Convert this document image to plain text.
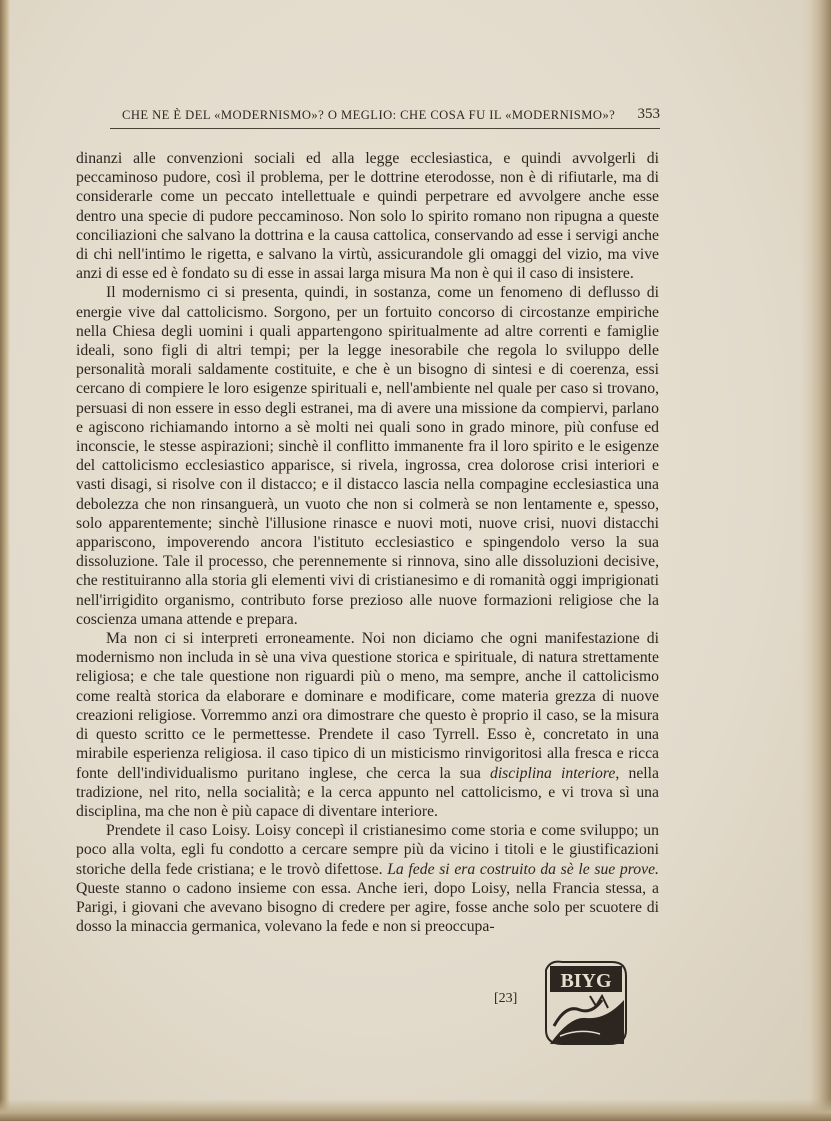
CHE NE È DEL «MODERNISMO»? O MEGLIO: CHE COSA FU IL «MODERNISMO»? 353

dinanzi alle convenzioni sociali ed alla legge ecclesiastica, e quindi avvolgerli di peccaminoso pudore, così il problema, per le dottrine eterodosse, non è di rifiutarle, ma di considerarle come un peccato intellettuale e quindi perpetrare ed avvolgere anche esse dentro una specie di pudore peccaminoso. Non solo lo spirito romano non ripugna a queste conciliazioni che salvano la dottrina e la causa cattolica, conservando ad esse i servigi anche di chi nell'intimo le rigetta, e salvano la virtù, assicurandole gli omaggi del vizio, ma vive anzi di esse ed è fondato su di esse in assai larga misura Ma non è qui il caso di insistere.

Il modernismo ci si presenta, quindi, in sostanza, come un fenomeno di deflusso di energie vive dal cattolicismo. Sorgono, per un fortuito concorso di circostanze empiriche nella Chiesa degli uomini i quali appartengono spiritualmente ad altre correnti e famiglie ideali, sono figli di altri tempi; per la legge inesorabile che regola lo sviluppo delle personalità morali saldamente costituite, e che è un bisogno di sintesi e di coerenza, essi cercano di compiere le loro esigenze spirituali e, nell'ambiente nel quale per caso si trovano, persuasi di non essere in esso degli estranei, ma di avere una missione da compiervi, parlano e agiscono richiamando intorno a sè molti nei quali sono in grado minore, più confuse ed inconscie, le stesse aspirazioni; sinchè il conflitto immanente fra il loro spirito e le esigenze del cattolicismo ecclesiastico apparisce, si rivela, ingrossa, crea dolorose crisi interiori e vasti disagi, si risolve con il distacco; e il distacco lascia nella compagine ecclesiastica una debolezza che non rinsanguerà, un vuoto che non si colmerà se non lentamente e, spesso, solo apparentemente; sinchè l'illusione rinasce e nuovi moti, nuove crisi, nuovi distacchi appariscono, impoverendo ancora l'istituto ecclesiastico e spingendolo verso la sua dissoluzione. Tale il processo, che perennemente si rinnova, sino alle dissoluzioni decisive, che restituiranno alla storia gli elementi vivi di cristianesimo e di romanità oggi imprigionati nell'irrigidito organismo, contributo forse prezioso alle nuove formazioni religiose che la coscienza umana attende e prepara.

Ma non ci si interpreti erroneamente. Noi non diciamo che ogni manifestazione di modernismo non includa in sè una viva questione storica e spirituale, di natura strettamente religiosa; e che tale questione non riguardi più o meno, ma sempre, anche il cattolicismo come realtà storica da elaborare e dominare e modificare, come materia grezza di nuove creazioni religiose. Vorremmo anzi ora dimostrare che questo è proprio il caso, se la misura di questo scritto ce le permettesse. Prendete il caso Tyrrell. Esso è, concretato in una mirabile esperienza religiosa. il caso tipico di un misticismo rinvigoritosi alla fresca e ricca fonte dell'individualismo puritano inglese, che cerca la sua disciplina interiore, nella tradizione, nel rito, nella socialità; e la cerca appunto nel cattolicismo, e vi trova sì una disciplina, ma che non è più capace di diventare interiore.

Prendete il caso Loisy. Loisy concepì il cristianesimo come storia e come sviluppo; un poco alla volta, egli fu condotto a cercare sempre più da vicino i titoli e le giustificazioni storiche della fede cristiana; e le trovò difettose. La fede si era costruito da sè le sue prove. Queste stanno o cadono insieme con essa. Anche ieri, dopo Loisy, nella Francia stessa, a Parigi, i giovani che avevano bisogno di credere per agire, fosse anche solo per scuotere di dosso la minaccia germanica, volevano la fede e non si preoccupa-

[23]
BIYG
